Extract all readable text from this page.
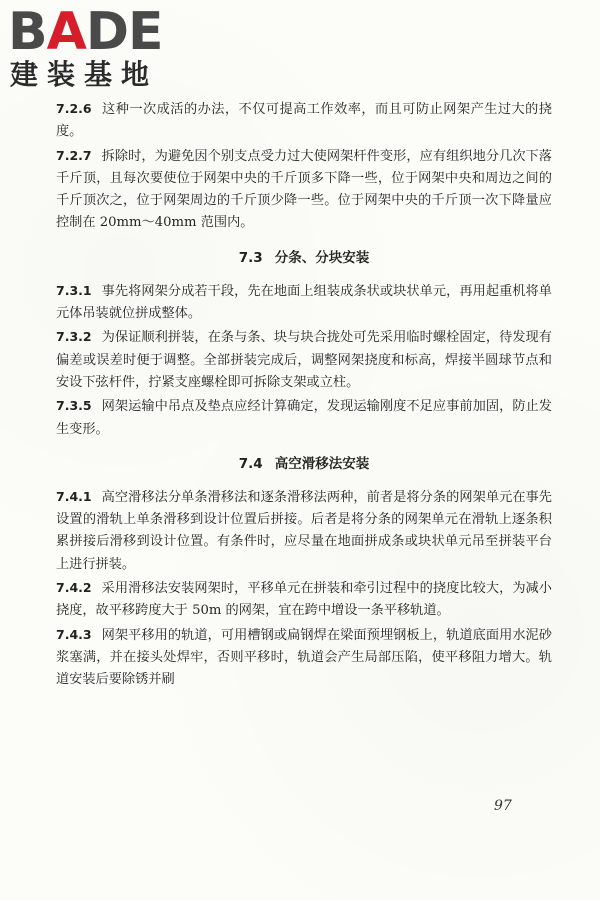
BADE
建装基地

7.2.6 这种一次成活的办法，不仅可提高工作效率，而且可防止网架产生过大的挠度。

7.2.7 拆除时，为避免因个别支点受力过大使网架杆件变形，应有组织地分几次下落千斤顶，且每次要使位于网架中央的千斤顶多下降一些，位于网架中央和周边之间的千斤顶次之，位于网架周边的千斤顶少降一些。位于网架中央的千斤顶一次下降量应控制在 20mm～40mm 范围内。

7.3 分条、分块安装

7.3.1 事先将网架分成若干段，先在地面上组装成条状或块状单元，再用起重机将单元体吊装就位拼成整体。

7.3.2 为保证顺利拼装，在条与条、块与块合拢处可先采用临时螺栓固定，待发现有偏差或误差时便于调整。全部拼装完成后，调整网架挠度和标高，焊接半圆球节点和安设下弦杆件，拧紧支座螺栓即可拆除支架或立柱。

7.3.5 网架运输中吊点及垫点应经计算确定，发现运输刚度不足应事前加固，防止发生变形。

7.4 高空滑移法安装

7.4.1 高空滑移法分单条滑移法和逐条滑移法两种，前者是将分条的网架单元在事先设置的滑轨上单条滑移到设计位置后拼接。后者是将分条的网架单元在滑轨上逐条积累拼接后滑移到设计位置。有条件时，应尽量在地面拼成条或块状单元吊至拼装平台上进行拼装。

7.4.2 采用滑移法安装网架时，平移单元在拼装和牵引过程中的挠度比较大，为减小挠度，故平移跨度大于 50m 的网架，宜在跨中增设一条平移轨道。

7.4.3 网架平移用的轨道，可用槽钢或扁钢焊在梁面预埋钢板上，轨道底面用水泥砂浆塞满，并在接头处焊牢，否则平移时，轨道会产生局部压陷，使平移阻力增大。轨道安装后要除锈并刷

97
